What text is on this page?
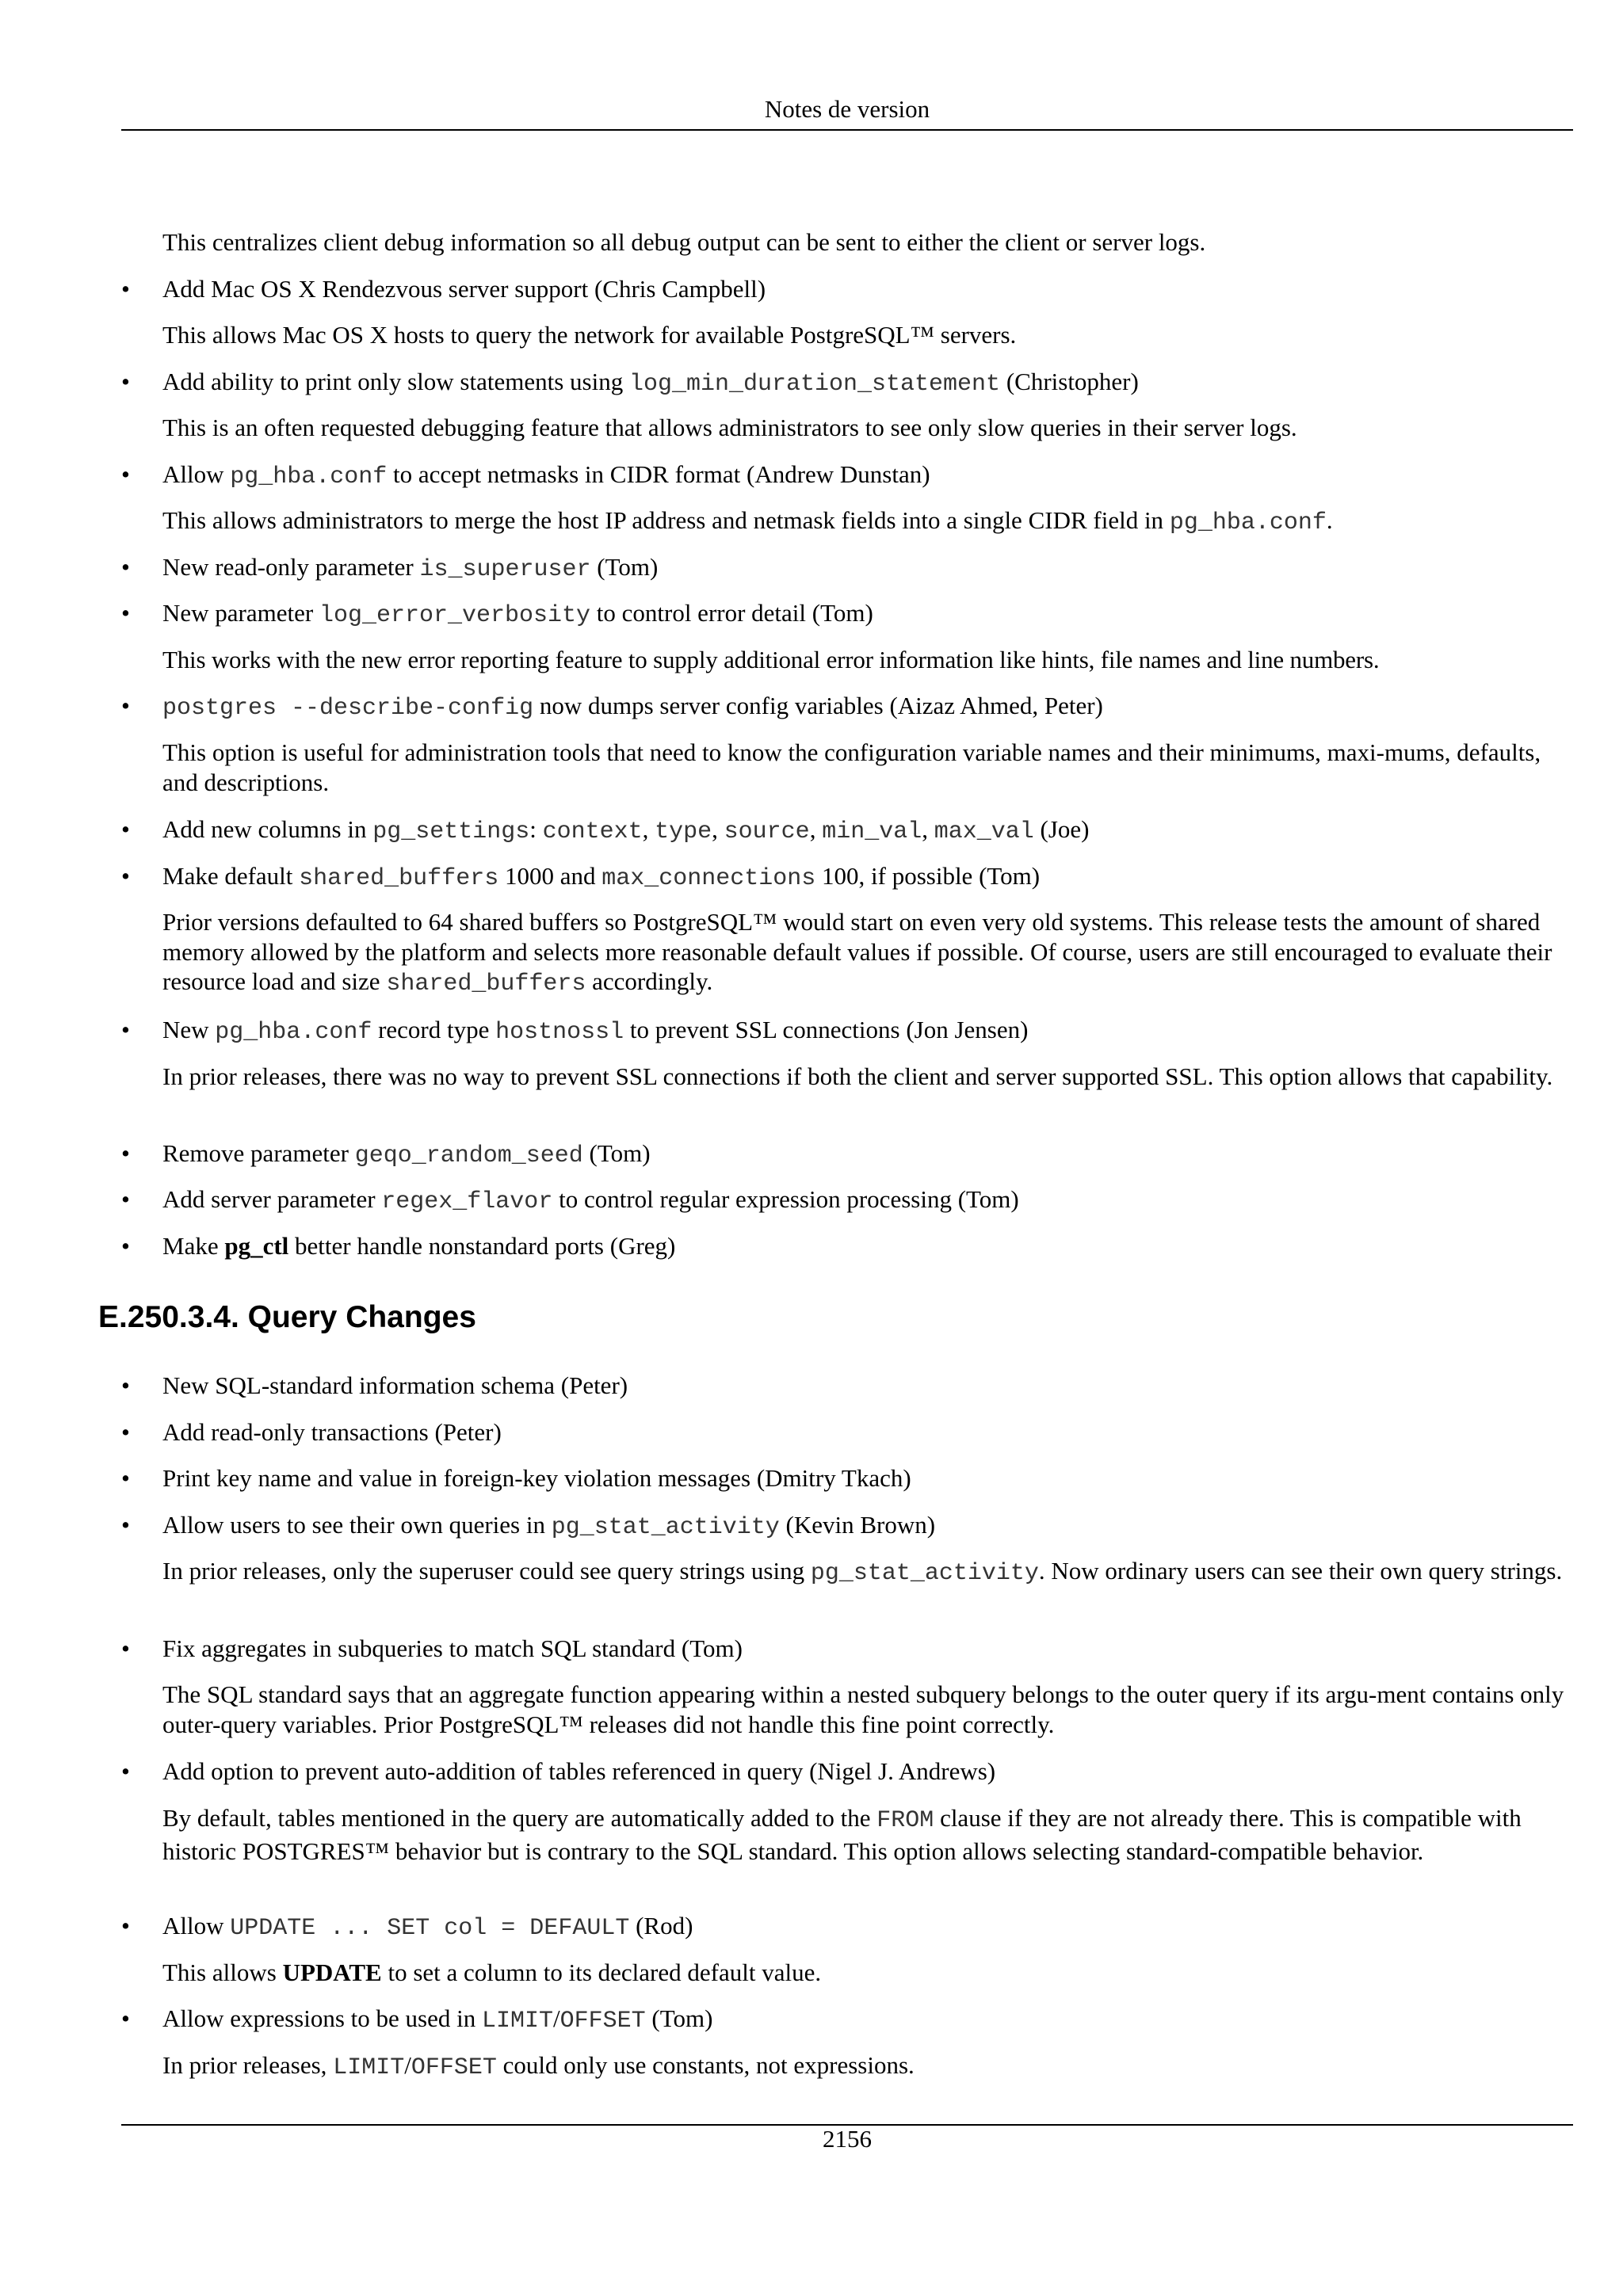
Notes de version
This centralizes client debug information so all debug output can be sent to either the client or server logs.
• Add Mac OS X Rendezvous server support (Chris Campbell)
This allows Mac OS X hosts to query the network for available PostgreSQL™ servers.
• Add ability to print only slow statements using log_min_duration_statement (Christopher)
This is an often requested debugging feature that allows administrators to see only slow queries in their server logs.
• Allow pg_hba.conf to accept netmasks in CIDR format (Andrew Dunstan)
This allows administrators to merge the host IP address and netmask fields into a single CIDR field in pg_hba.conf.
• New read-only parameter is_superuser (Tom)
• New parameter log_error_verbosity to control error detail (Tom)
This works with the new error reporting feature to supply additional error information like hints, file names and line numbers.
• postgres --describe-config now dumps server config variables (Aizaz Ahmed, Peter)
This option is useful for administration tools that need to know the configuration variable names and their minimums, maxi-mums, defaults, and descriptions.
• Add new columns in pg_settings: context, type, source, min_val, max_val (Joe)
• Make default shared_buffers 1000 and max_connections 100, if possible (Tom)
Prior versions defaulted to 64 shared buffers so PostgreSQL™ would start on even very old systems. This release tests the amount of shared memory allowed by the platform and selects more reasonable default values if possible. Of course, users are still encouraged to evaluate their resource load and size shared_buffers accordingly.
• New pg_hba.conf record type hostnossl to prevent SSL connections (Jon Jensen)
In prior releases, there was no way to prevent SSL connections if both the client and server supported SSL. This option allows that capability.
• Remove parameter geqo_random_seed (Tom)
• Add server parameter regex_flavor to control regular expression processing (Tom)
• Make pg_ctl better handle nonstandard ports (Greg)
E.250.3.4. Query Changes
• New SQL-standard information schema (Peter)
• Add read-only transactions (Peter)
• Print key name and value in foreign-key violation messages (Dmitry Tkach)
• Allow users to see their own queries in pg_stat_activity (Kevin Brown)
In prior releases, only the superuser could see query strings using pg_stat_activity. Now ordinary users can see their own query strings.
• Fix aggregates in subqueries to match SQL standard (Tom)
The SQL standard says that an aggregate function appearing within a nested subquery belongs to the outer query if its argu-ment contains only outer-query variables. Prior PostgreSQL™ releases did not handle this fine point correctly.
• Add option to prevent auto-addition of tables referenced in query (Nigel J. Andrews)
By default, tables mentioned in the query are automatically added to the FROM clause if they are not already there. This is compatible with historic POSTGRES™ behavior but is contrary to the SQL standard. This option allows selecting standard-compatible behavior.
• Allow UPDATE ... SET col = DEFAULT (Rod)
This allows UPDATE to set a column to its declared default value.
• Allow expressions to be used in LIMIT/OFFSET (Tom)
In prior releases, LIMIT/OFFSET could only use constants, not expressions.
2156
